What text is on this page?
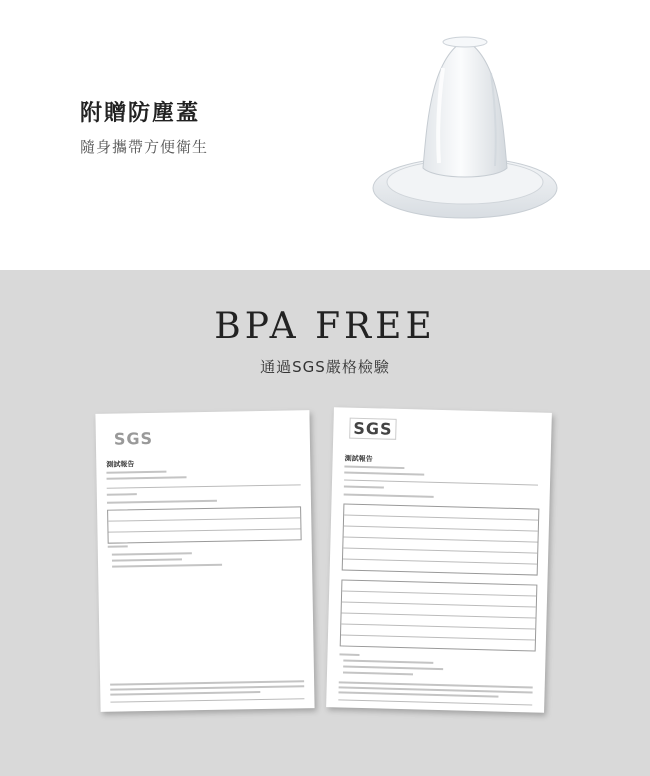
附贈防塵蓋
隨身攜帶方便衛生
BPA FREE
通過SGS嚴格檢驗
SGS
測試報告
SGS
測試報告
